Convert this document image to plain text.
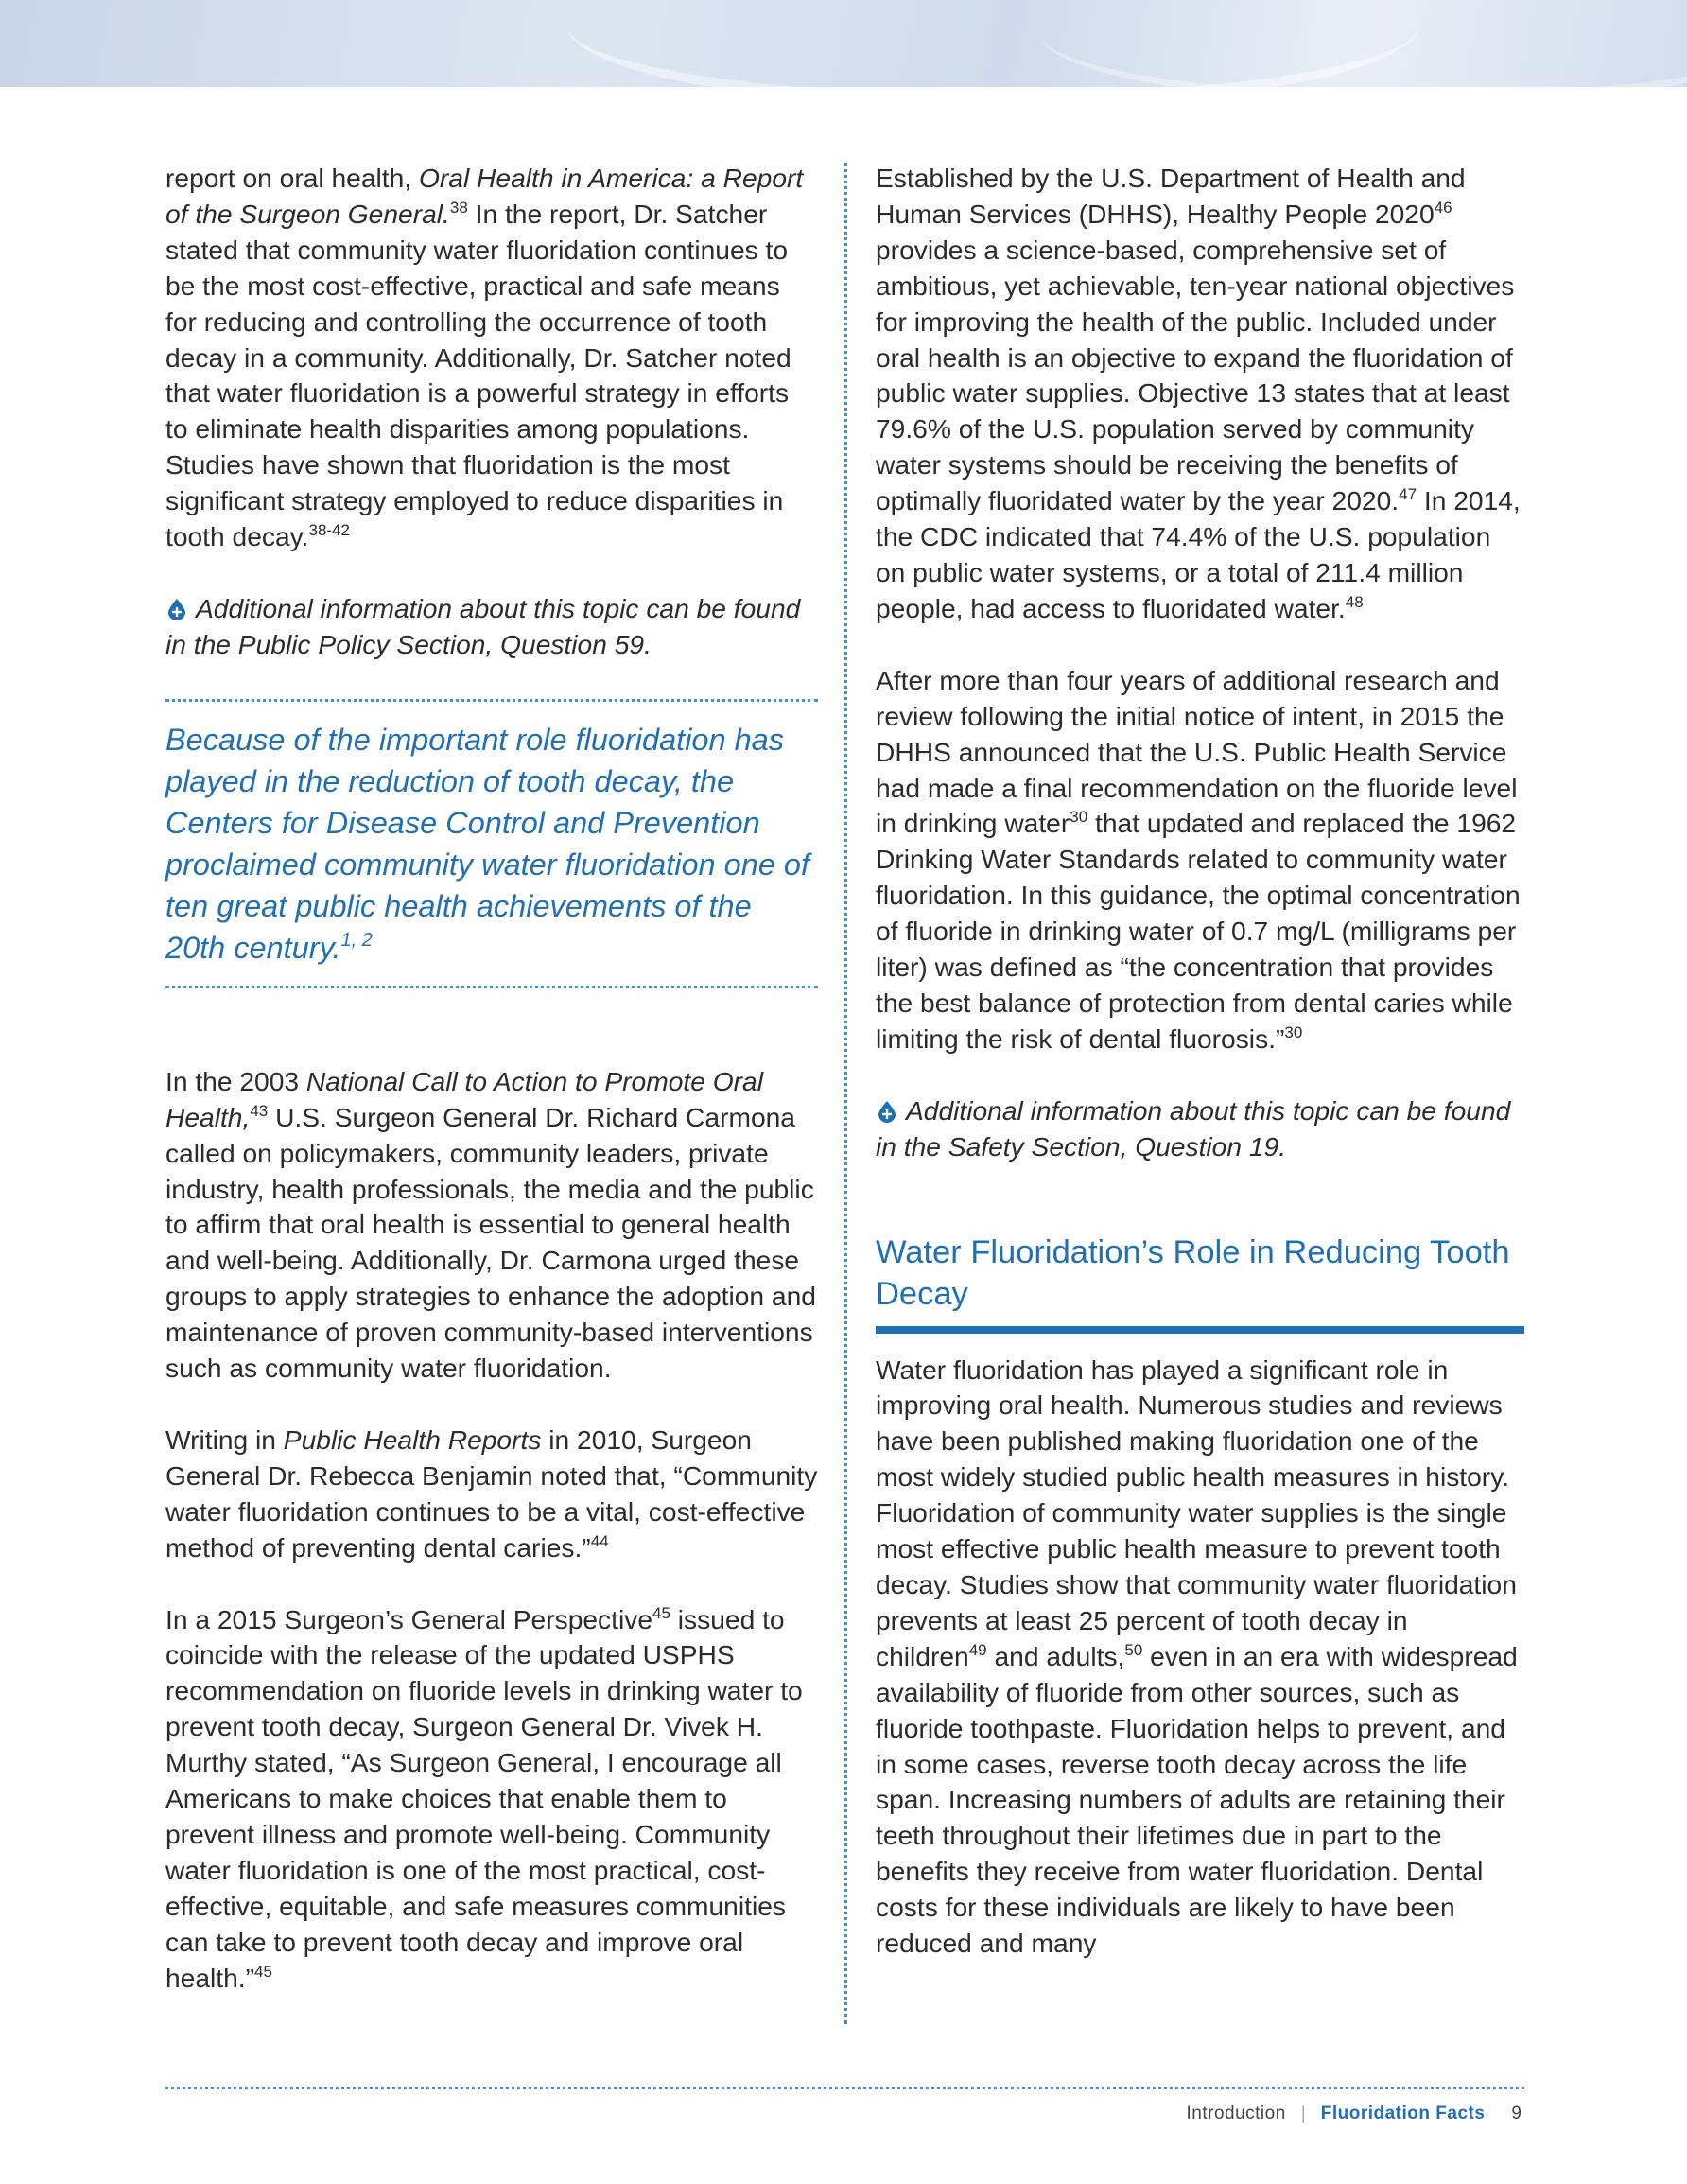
report on oral health, Oral Health in America: a Report of the Surgeon General.$^{38}$ In the report, Dr. Satcher stated that community water fluoridation continues to be the most cost-effective, practical and safe means for reducing and controlling the occurrence of tooth decay in a community. Additionally, Dr. Satcher noted that water fluoridation is a powerful strategy in efforts to eliminate health disparities among populations. Studies have shown that fluoridation is the most significant strategy employed to reduce disparities in tooth decay.$^{38-42}$

Additional information about this topic can be found in the Public Policy Section, Question 59.

Because of the important role fluoridation has played in the reduction of tooth decay, the Centers for Disease Control and Prevention proclaimed community water fluoridation one of ten great public health achievements of the 20th century.$^{1, 2}$

In the 2003 National Call to Action to Promote Oral Health,$^{43}$ U.S. Surgeon General Dr. Richard Carmona called on policymakers, community leaders, private industry, health professionals, the media and the public to affirm that oral health is essential to general health and well-being. Additionally, Dr. Carmona urged these groups to apply strategies to enhance the adoption and maintenance of proven community-based interventions such as community water fluoridation.

Writing in Public Health Reports in 2010, Surgeon General Dr. Rebecca Benjamin noted that, “Community water fluoridation continues to be a vital, cost-effective method of preventing dental caries.”$^{44}$

In a 2015 Surgeon’s General Perspective$^{45}$ issued to coincide with the release of the updated USPHS recommendation on fluoride levels in drinking water to prevent tooth decay, Surgeon General Dr. Vivek H. Murthy stated, “As Surgeon General, I encourage all Americans to make choices that enable them to prevent illness and promote well-being. Community water fluoridation is one of the most practical, cost-effective, equitable, and safe measures communities can take to prevent tooth decay and improve oral health.”$^{45}$

Established by the U.S. Department of Health and Human Services (DHHS), Healthy People 2020$^{46}$ provides a science-based, comprehensive set of ambitious, yet achievable, ten-year national objectives for improving the health of the public. Included under oral health is an objective to expand the fluoridation of public water supplies. Objective 13 states that at least 79.6% of the U.S. population served by community water systems should be receiving the benefits of optimally fluoridated water by the year 2020.47 In 2014, the CDC indicated that 74.4% of the U.S. population on public water systems, or a total of 211.4 million people, had access to fluoridated water.$^{48}$

After more than four years of additional research and review following the initial notice of intent, in 2015 the DHHS announced that the U.S. Public Health Service had made a final recommendation on the fluoride level in drinking water$^{30}$ that updated and replaced the 1962 Drinking Water Standards related to community water fluoridation. In this guidance, the optimal concentration of fluoride in drinking water of 0.7 mg/L (milligrams per liter) was defined as “the concentration that provides the best balance of protection from dental caries while limiting the risk of dental fluorosis.”$^{30}$

Additional information about this topic can be found in the Safety Section, Question 19.

Water Fluoridation’s Role in Reducing Tooth Decay

Water fluoridation has played a significant role in improving oral health. Numerous studies and reviews have been published making fluoridation one of the most widely studied public health measures in history. Fluoridation of community water supplies is the single most effective public health measure to prevent tooth decay. Studies show that community water fluoridation prevents at least 25 percent of tooth decay in children$^{49}$ and adults,$^{50}$ even in an era with widespread availability of fluoride from other sources, such as fluoride toothpaste. Fluoridation helps to prevent, and in some cases, reverse tooth decay across the life span. Increasing numbers of adults are retaining their teeth throughout their lifetimes due in part to the benefits they receive from water fluoridation. Dental costs for these individuals are likely to have been reduced and many

Introduction | Fluoridation Facts 9
